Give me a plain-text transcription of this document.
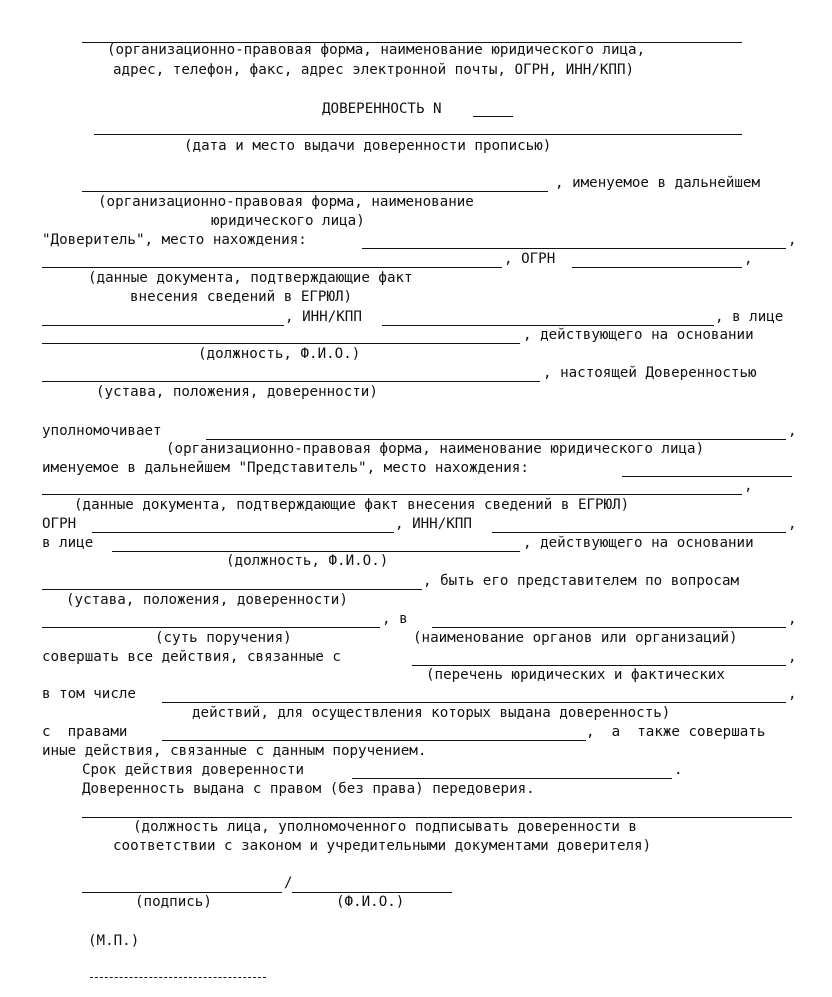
(организационно-правовая форма, наименование юридического лица,
адрес, телефон, факс, адрес электронной почты, ОГРН, ИНН/КПП)
ДОВЕРЕННОСТЬ N
(дата и место выдачи доверенности прописью)
, именуемое в дальнейшем
(организационно-правовая форма, наименование
юридического лица)
"Доверитель", место нахождения:	,
, ОГРН	,
(данные документа, подтверждающие факт
внесения сведений в ЕГРЮЛ)
, ИНН/КПП	, в лице
, действующего на основании
(должность, Ф.И.О.)
, настоящей Доверенностью
(устава, положения, доверенности)
уполномочивает	,
(организационно-правовая форма, наименование юридического лица)
именуемое в дальнейшем "Представитель", место нахождения:
,
(данные документа, подтверждающие факт внесения сведений в ЕГРЮЛ)
ОГРН	, ИНН/КПП	,
в лице	, действующего на основании
(должность, Ф.И.О.)
, быть его представителем по вопросам
(устава, положения, доверенности)
, в	,
(суть поручения)	(наименование органов или организаций)
совершать все действия, связанные с	,
(перечень юридических и фактических
в том числе	,
действий, для осуществления которых выдана доверенность)
с  правами	,  а  также совершать
иные действия, связанные с данным поручением.
Срок действия доверенности	.
Доверенность выдана с правом (без права) передоверия.
(должность лица, уполномоченного подписывать доверенности в
соответствии с законом и учредительными документами доверителя)
/
(подпись)	(Ф.И.О.)
(М.П.)
